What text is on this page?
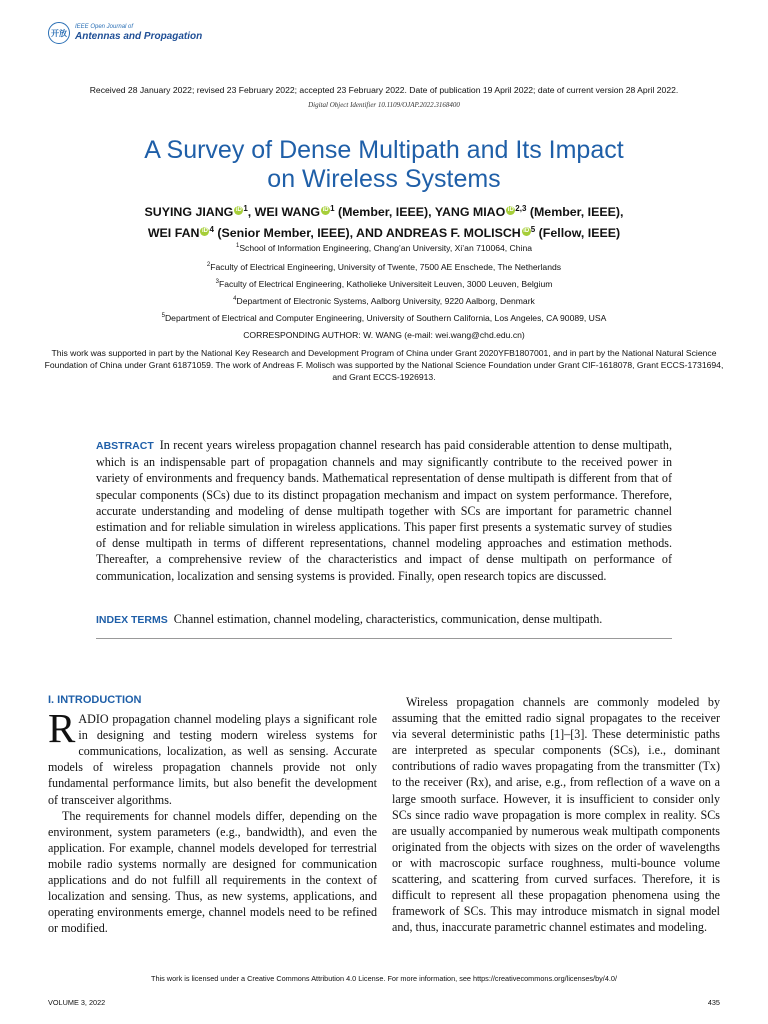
开放
IEEE Open Journal of
Antennas and Propagation
Received 28 January 2022; revised 23 February 2022; accepted 23 February 2022. Date of publication 19 April 2022; date of current version 28 April 2022.
Digital Object Identifier 10.1109/OJAP.2022.3168400
A Survey of Dense Multipath and Its Impact
on Wireless Systems
SUYING JIANG iD $^1$, WEI WANG iD $^1$ (Member, IEEE), YANG MIAO iD $^{2,3}$ (Member, IEEE),
WEI FAN iD $^4$ (Senior Member, IEEE), AND ANDREAS F. MOLISCH iD $^5$ (Fellow, IEEE)
$^1$School of Information Engineering, Chang’an University, Xi’an 710064, China
$^2$Faculty of Electrical Engineering, University of Twente, 7500 AE Enschede, The Netherlands
$^3$Faculty of Electrical Engineering, Katholieke Universiteit Leuven, 3000 Leuven, Belgium
$^4$Department of Electronic Systems, Aalborg University, 9220 Aalborg, Denmark
$^5$Department of Electrical and Computer Engineering, University of Southern California, Los Angeles, CA 90089, USA
CORRESPONDING AUTHOR: W. WANG (e-mail: wei.wang@chd.edu.cn)
This work was supported in part by the National Key Research and Development Program of China under Grant 2020YFB1807001, and in part by the National Natural Science Foundation of China under Grant 61871059. The work of Andreas F. Molisch was supported by the National Science Foundation under Grant CIF-1618078, Grant ECCS-1731694, and Grant ECCS-1926913.
ABSTRACT In recent years wireless propagation channel research has paid considerable attention to dense multipath, which is an indispensable part of propagation channels and may significantly contribute to the received power in variety of environments and frequency bands. Mathematical representation of dense multipath is different from that of specular components (SCs) due to its distinct propagation mechanism and impact on system performance. Therefore, accurate understanding and modeling of dense multipath together with SCs are important for parametric channel estimation and for reliable simulation in wireless applications. This paper first presents a systematic survey of studies of dense multipath in terms of different representations, channel modeling approaches and estimation methods. Thereafter, a comprehensive review of the characteristics and impact of dense multipath on performance of communication, localization and sensing systems is provided. Finally, open research topics are discussed.
INDEX TERMS Channel estimation, channel modeling, characteristics, communication, dense multipath.
I. INTRODUCTION

RADIO propagation channel modeling plays a significant role in designing and testing modern wireless systems for communications, localization, as well as sensing. Accurate models of wireless propagation channels provide not only fundamental performance limits, but also benefit the development of transceiver algorithms.

The requirements for channel models differ, depending on the environment, system parameters (e.g., bandwidth), and even the application. For example, channel models developed for terrestrial mobile radio systems normally are designed for communication applications and do not fulfill all requirements in the context of localization and sensing. Thus, as new systems, applications, and operating environments emerge, channel models need to be refined or modified.

Wireless propagation channels are commonly modeled by assuming that the emitted radio signal propagates to the receiver via several deterministic paths [1]–[3]. These deterministic paths are interpreted as specular components (SCs), i.e., dominant contributions of radio waves propagating from the transmitter (Tx) to the receiver (Rx), and arise, e.g., from reflection of a wave on a large smooth surface. However, it is insufficient to consider only SCs since radio wave propagation is more complex in reality. SCs are usually accompanied by numerous weak multipath components originated from the objects with sizes on the order of wavelengths or with macroscopic surface roughness, multi-bounce volume scattering, and scattering from curved surfaces. Therefore, it is difficult to represent all these propagation phenomena using the framework of SCs. This may introduce mismatch in signal model and, thus, inaccurate parametric channel estimates and modeling.

This work is licensed under a Creative Commons Attribution 4.0 License. For more information, see https://creativecommons.org/licenses/by/4.0/
VOLUME 3, 2022	435
